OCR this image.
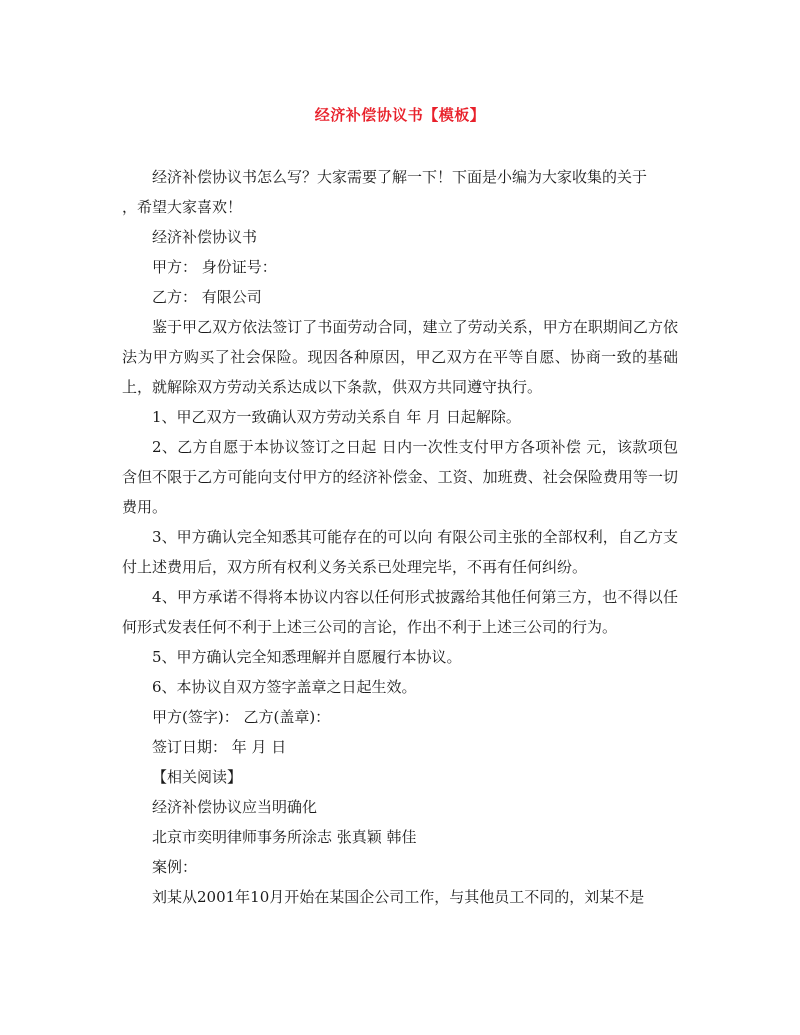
经济补偿协议书【模板】

经济补偿协议书怎么写？大家需要了解一下！下面是小编为大家收集的关于

，希望大家喜欢！

经济补偿协议书

甲方： 身份证号：

乙方： 有限公司

鉴于甲乙双方依法签订了书面劳动合同，建立了劳动关系，甲方在职期间乙方依法为甲方购买了社会保险。现因各种原因，甲乙双方在平等自愿、协商一致的基础上，就解除双方劳动关系达成以下条款，供双方共同遵守执行。

1、甲乙双方一致确认双方劳动关系自 年 月 日起解除。

2、乙方自愿于本协议签订之日起 日内一次性支付甲方各项补偿 元，该款项包含但不限于乙方可能向支付甲方的经济补偿金、工资、加班费、社会保险费用等一切费用。

3、甲方确认完全知悉其可能存在的可以向 有限公司主张的全部权利，自乙方支付上述费用后，双方所有权利义务关系已处理完毕，不再有任何纠纷。

4、甲方承诺不得将本协议内容以任何形式披露给其他任何第三方，也不得以任何形式发表任何不利于上述三公司的言论，作出不利于上述三公司的行为。

5、甲方确认完全知悉理解并自愿履行本协议。

6、本协议自双方签字盖章之日起生效。

甲方(签字)： 乙方(盖章)：

签订日期： 年 月 日

【相关阅读】

经济补偿协议应当明确化

北京市奕明律师事务所涂志 张真颖 韩佳

案例：

刘某从2001年10月开始在某国企公司工作，与其他员工不同的，刘某不是
